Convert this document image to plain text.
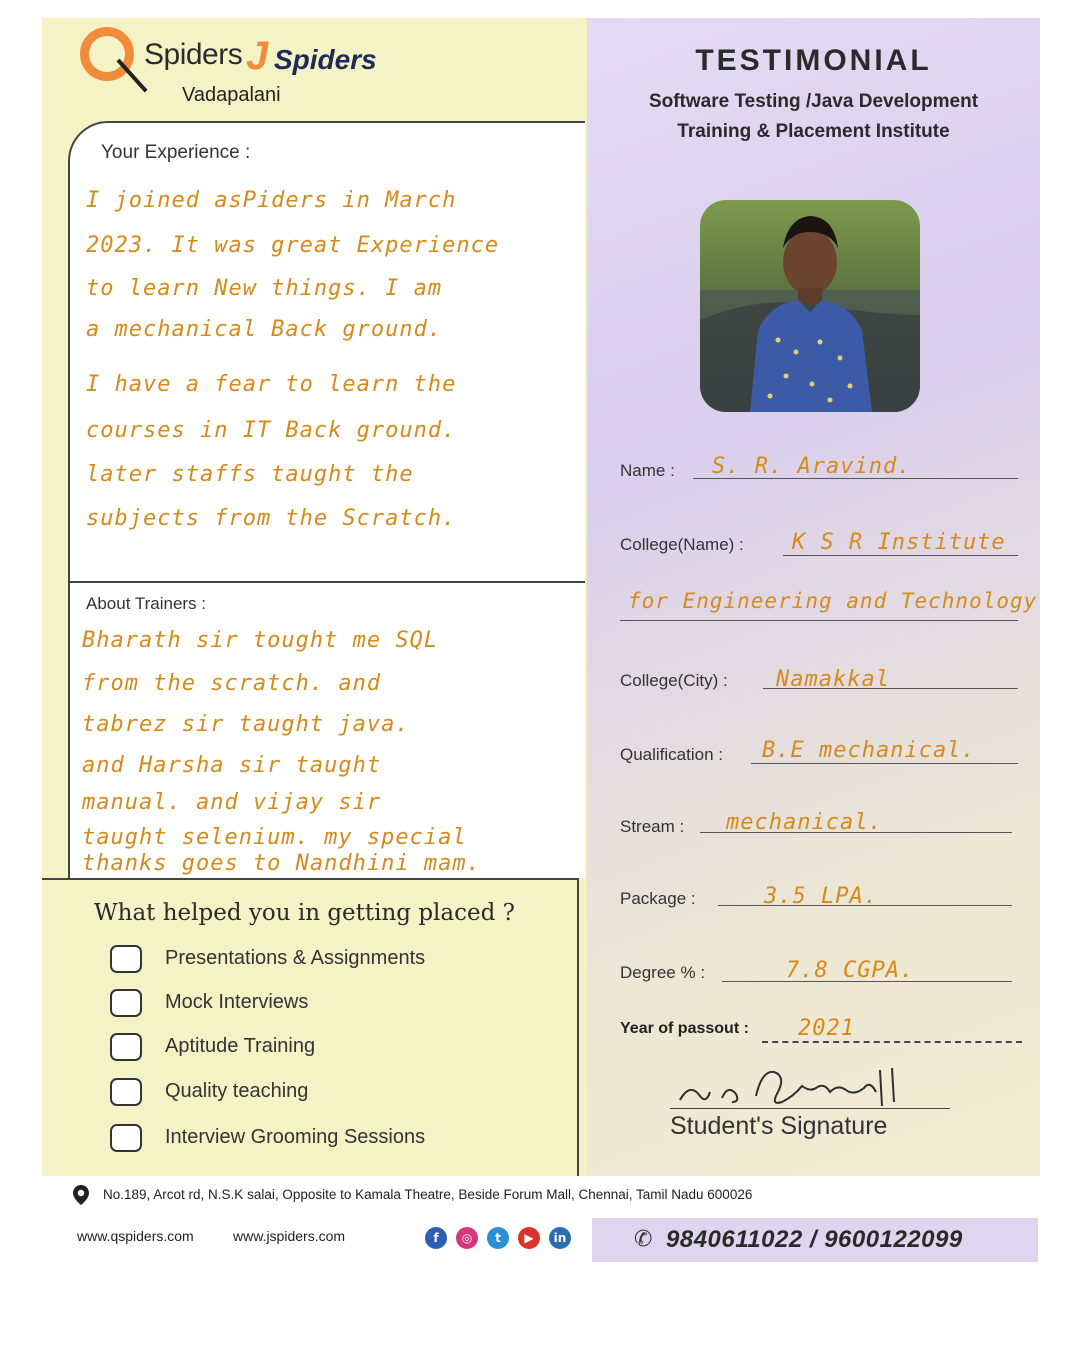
Spiders J Spiders
Vadapalani
TESTIMONIAL
Software Testing /Java Development
Training & Placement Institute
Your Experience :
I joined asPiders in March
2023. It was great Experience
to learn New things. I am
a mechanical Back ground.
I have a fear to learn the
courses in IT Back ground.
later staffs taught the
subjects from the Scratch.
About Trainers :
Bharath sir tought me SQL
from the scratch. and
tabrez sir taught java.
and Harsha sir taught
manual. and vijay sir
taught selenium. my special
thanks goes to Nandhini mam.
What helped you in getting placed ?
Presentations & Assignments
Mock Interviews
Aptitude Training
Quality teaching
Interview Grooming Sessions
Name : S. R. Aravind.
College(Name) : K S R Institute
for Engineering and Technology
College(City) : Namakkal
Qualification : B.E mechanical.
Stream : mechanical.
Package :	3.5 LPA.
Degree % :	7.8 CGPA.
Year of passout : 2021
Student's Signature
No.189, Arcot rd, N.S.K salai, Opposite to Kamala Theatre, Beside Forum Mall, Chennai, Tamil Nadu 600026
www.qspiders.com	www.jspiders.com	f	◎	t	▶	in	✆ 9840611022 / 9600122099
